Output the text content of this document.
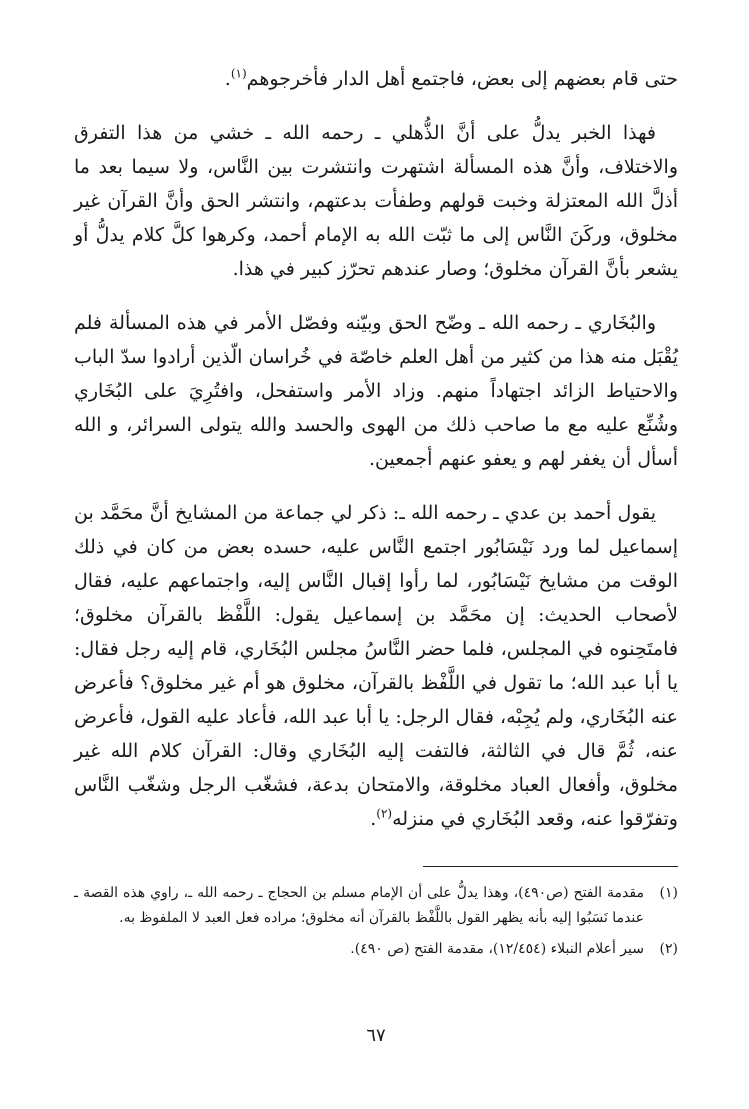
حتى قام بعضهم إلى بعض، فاجتمع أهل الدار فأخرجوهم$^{(١)}$.

فهذا الخبر يدلُّ على أنَّ الذُّهلي ـ رحمه الله ـ خشي من هذا التفرق والاختلاف، وأنَّ هذه المسألة اشتهرت وانتشرت بين النَّاس، ولا سيما بعد ما أذلَّ الله المعتزلة وخبت قولهم وطفأت بدعتهم، وانتشر الحق وأنَّ القرآن غير مخلوق، وركَنَ النَّاس إلى ما ثبّت الله به الإمام أحمد، وكرهوا كلَّ كلام يدلُّ أو يشعر بأنَّ القرآن مخلوق؛ وصار عندهم تحرّز كبير في هذا.

والبُخَاري ـ رحمه الله ـ وضّح الحق وبيّنه وفصّل الأمر في هذه المسألة فلم يُقْبَل منه هذا من كثير من أهل العلم خاصّة في خُراسان الّذين أرادوا سدّ الباب والاحتياط الزائد اجتهاداً منهم. وزاد الأمر واستفحل، وافتُرِيَ على البُخَاري وشُنِّع عليه مع ما صاحب ذلك من الهوى والحسد والله يتولى السرائر، و الله أسأل أن يغفر لهم و يعفو عنهم أجمعين.

يقول أحمد بن عدي ـ رحمه الله ـ: ذكر لي جماعة من المشايخ أنَّ محَمَّد بن إسماعيل لما ورد نَيْسَابُور اجتمع النَّاس عليه، حسده بعض من كان في ذلك الوقت من مشايخ نَيْسَابُور، لما رأوا إقبال النَّاس إليه، واجتماعهم عليه، فقال لأصحاب الحديث: إن محَمَّد بن إسماعيل يقول: اللَّفْظ بالقرآن مخلوق؛ فامتَحِنوه في المجلس، فلما حضر النَّاسُ مجلس البُخَاري، قام إليه رجل فقال: يا أبا عبد الله؛ ما تقول في اللَّفْظ بالقرآن، مخلوق هو أم غير مخلوق؟ فأعرض عنه البُخَاري، ولم يُجِبْه، فقال الرجل: يا أبا عبد الله، فأعاد عليه القول، فأعرض عنه، ثُمَّ قال في الثالثة، فالتفت إليه البُخَاري وقال: القرآن كلام الله غير مخلوق، وأفعال العباد مخلوقة، والامتحان بدعة، فشغّب الرجل وشغّب النَّاس وتفرّقوا عنه، وقعد البُخَاري في منزله$^{(٢)}$.

(١)
مقدمة الفتح (ص٤٩٠)، وهذا يدلُّ على أن الإمام مسلم بن الحجاج ـ رحمه الله ـ، راوي هذه القصة ـ عندما نَسَبُوا إليه بأنه يظهر القول باللَّفْظ بالقرآن أنه مخلوق؛ مراده فعل العبد لا الملفوظ به.
(٢)
سير أعلام النبلاء (١٢/٤٥٤)، مقدمة الفتح (ص ٤٩٠).
٦٧
